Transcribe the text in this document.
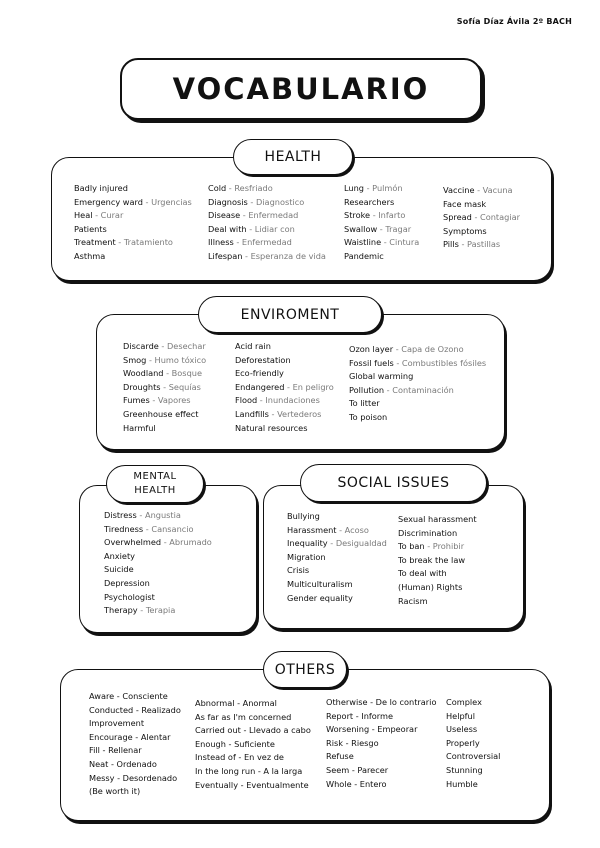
Sofía Díaz Ávila 2º BACH
VOCABULARIO
HEALTH
Badly injured
Emergency ward - Urgencias
Heal - Curar
Patients
Treatment - Tratamiento
Asthma
Cold - Resfriado
Diagnosis - Diagnostico
Disease - Enfermedad
Deal with - Lidiar con
Illness - Enfermedad
Lifespan - Esperanza de vida
Lung - Pulmón
Researchers
Stroke - Infarto
Swallow - Tragar
Waistline - Cintura
Pandemic
Vaccine - Vacuna
Face mask
Spread - Contagiar
Symptoms
Pills - Pastillas
ENVIROMENT
Discarde - Desechar
Smog - Humo tóxico
Woodland - Bosque
Droughts - Sequías
Fumes - Vapores
Greenhouse effect
Harmful
Acid rain
Deforestation
Eco-friendly
Endangered - En peligro
Flood - Inundaciones
Landfills - Vertederos
Natural resources
Ozon layer - Capa de Ozono
Fossil fuels - Combustibles fósiles
Global warming
Pollution - Contaminación
To litter
To poison
MENTAL
HEALTH
Distress - Angustia
Tiredness - Cansancio
Overwhelmed - Abrumado
Anxiety
Suicide
Depression
Psychologist
Therapy - Terapia
SOCIAL ISSUES
Bullying
Harassment - Acoso
Inequality - Desigualdad
Migration
Crisis
Multiculturalism
Gender equality
Sexual harassment
Discrimination
To ban - Prohibir
To break the law
To deal with
(Human) Rights
Racism
OTHERS
Aware - Consciente
Conducted - Realizado
Improvement
Encourage - Alentar
Fill - Rellenar
Neat - Ordenado
Messy - Desordenado
(Be worth it)
Abnormal - Anormal
As far as I'm concerned
Carried out - Llevado a cabo
Enough - Suficiente
Instead of - En vez de
In the long run - A la larga
Eventually - Eventualmente
Otherwise - De lo contrario
Report - Informe
Worsening - Empeorar
Risk - Riesgo
Refuse
Seem - Parecer
Whole - Entero
Complex
Helpful
Useless
Properly
Controversial
Stunning
Humble
